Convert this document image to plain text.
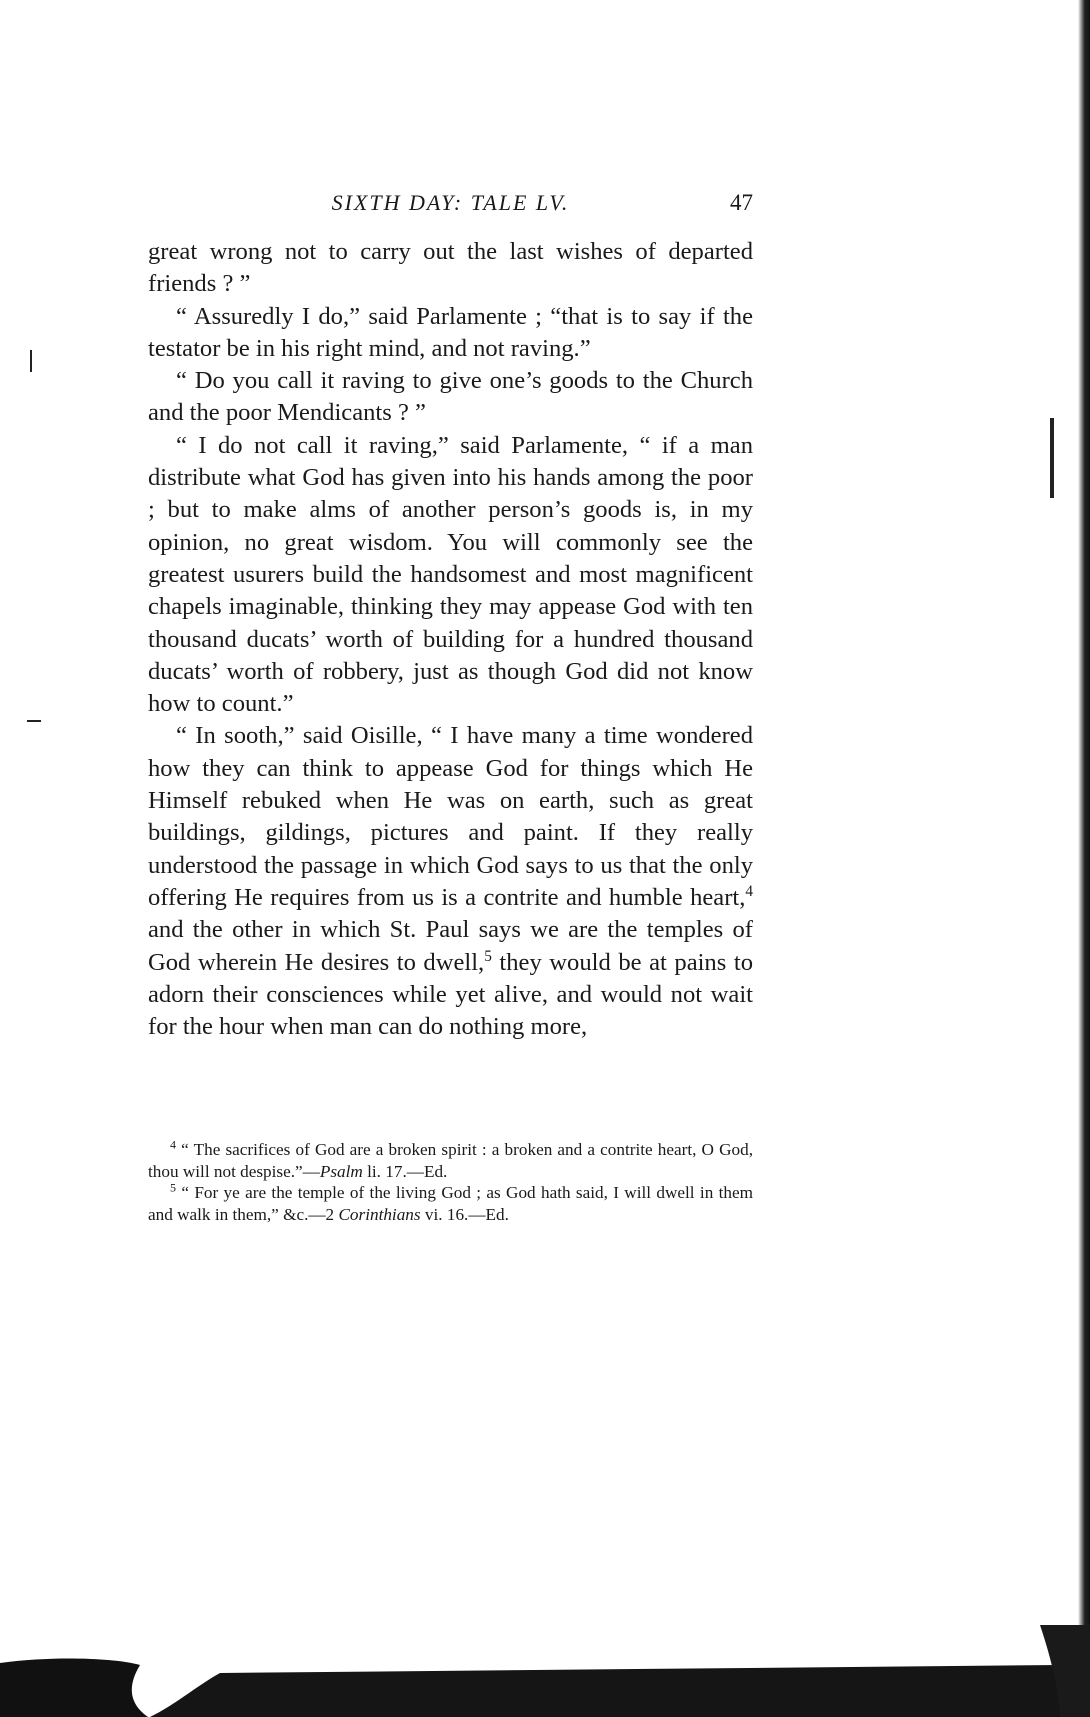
SIXTH DAY: TALE LV.	47

great wrong not to carry out the last wishes of departed friends ? ”

“ Assuredly I do,” said Parlamente ; “that is to say if the testator be in his right mind, and not raving.”

“ Do you call it raving to give one’s goods to the Church and the poor Mendicants ? ”

“ I do not call it raving,” said Parlamente, “ if a man distribute what God has given into his hands among the poor ; but to make alms of another person’s goods is, in my opinion, no great wisdom. You will commonly see the greatest usurers build the handsomest and most magnificent chapels imaginable, thinking they may appease God with ten thousand ducats’ worth of building for a hundred thousand ducats’ worth of robbery, just as though God did not know how to count.”

“ In sooth,” said Oisille, “ I have many a time wondered how they can think to appease God for things which He Himself rebuked when He was on earth, such as great buildings, gildings, pictures and paint. If they really understood the passage in which God says to us that the only offering He requires from us is a contrite and humble heart,$^4$ and the other in which St. Paul says we are the temples of God wherein He desires to dwell,$^5$ they would be at pains to adorn their consciences while yet alive, and would not wait for the hour when man can do nothing more,

$^4$ “ The sacrifices of God are a broken spirit : a broken and a contrite heart, O God, thou will not despise.”—Psalm li. 17.—Ed.

$^5$ “ For ye are the temple of the living God ; as God hath said, I will dwell in them and walk in them,” &c.—2 Corinthians vi. 16.—Ed.
